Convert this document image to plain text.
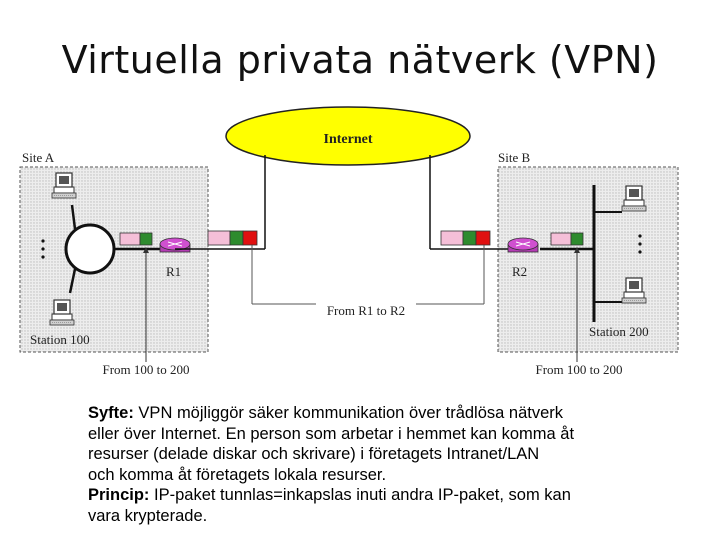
Virtuella privata nätverk (VPN)
Internet
Site A	Site B
Station 100
R1	R2
Station 200
From R1 to R2
From 100 to 200	From 100 to 200
Syfte: VPN möjliggör säker kommunikation över trådlösa nätverk
eller över Internet. En person som arbetar i hemmet kan komma åt
resurser (delade diskar och skrivare) i företagets Intranet/LAN
och komma åt företagets lokala resurser.
Princip: IP-paket tunnlas=inkapslas inuti andra IP-paket, som kan
vara krypterade.
